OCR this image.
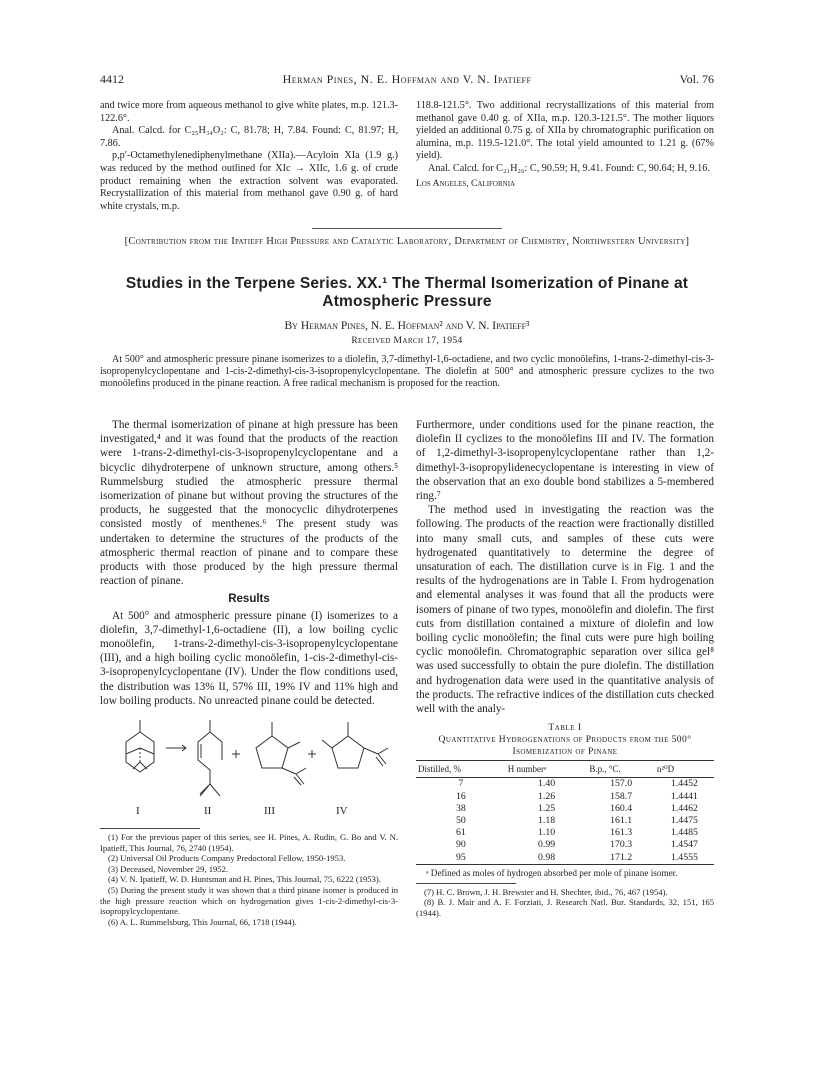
4412	Herman Pines, N. E. Hoffman and V. N. Ipatieff	Vol. 76

and twice more from aqueous methanol to give white plates, m.p. 121.3-122.6°.

Anal. Calcd. for C₂₅H₃₄O₂: C, 81.78; H, 7.84. Found: C, 81.97; H, 7.86.

p,p′-Octamethylenediphenylmethane (XIIa).—Acyloin XIa (1.9 g.) was reduced by the method outlined for XIc → XIIc, 1.6 g. of crude product remaining when the extraction solvent was evaporated. Recrystallization of this material from methanol gave 0.90 g. of hard white crystals, m.p.

118.8-121.5°. Two additional recrystallizations of this material from methanol gave 0.40 g. of XIIa, m.p. 120.3-121.5°. The mother liquors yielded an additional 0.75 g. of XIIa by chromatographic purification on alumina, m.p. 119.5-121.0°. The total yield amounted to 1.21 g. (67% yield).

Anal. Calcd. for C₂₁H₂₆: C, 90.59; H, 9.41. Found: C, 90.64; H, 9.16.

Los Angeles, California

[Contribution from the Ipatieff High Pressure and Catalytic Laboratory, Department of Chemistry, Northwestern University]
Studies in the Terpene Series. XX.¹ The Thermal Isomerization of Pinane at Atmospheric Pressure
By Herman Pines, N. E. Hoffman² and V. N. Ipatieff³
Received March 17, 1954
At 500° and atmospheric pressure pinane isomerizes to a diolefin, 3,7-dimethyl-1,6-octadiene, and two cyclic monoölefins, 1-trans-2-dimethyl-cis-3-isopropenylcyclopentane and 1-cis-2-dimethyl-cis-3-isopropenylcyclopentane. The diolefin at 500° and atmospheric pressure cyclizes to the two monoölefins produced in the pinane reaction. A free radical mechanism is proposed for the reaction.

The thermal isomerization of pinane at high pressure has been investigated,⁴ and it was found that the products of the reaction were 1-trans-2-dimethyl-cis-3-isopropenylcyclopentane and a bicyclic dihydroterpene of unknown structure, among others.⁵ Rummelsburg studied the atmospheric pressure thermal isomerization of pinane but without proving the structures of the products, he suggested that the monocyclic dihydroterpenes consisted mostly of menthenes.⁶ The present study was undertaken to determine the structures of the products of the atmospheric thermal reaction of pinane and to compare these products with those produced by the high pressure thermal reaction of pinane.

Results

At 500° and atmospheric pressure pinane (I) isomerizes to a diolefin, 3,7-dimethyl-1,6-octadiene (II), a low boiling cyclic monoölefin, 1-trans-2-dimethyl-cis-3-isopropenylcyclopentane (III), and a high boiling cyclic monoölefin, 1-cis-2-dimethyl-cis-3-isopropenylcyclopentane (IV). Under the flow conditions used, the distribution was 13% II, 57% III, 19% IV and 11% high and low boiling products. No unreacted pinane could be detected.

I	II	III	IV

(1) For the previous paper of this series, see H. Pines, A. Rudin, G. Bo and V. N. Ipatieff, This Journal, 76, 2740 (1954).

(2) Universal Oil Products Company Predoctoral Fellow, 1950-1953.

(3) Deceased, November 29, 1952.

(4) V. N. Ipatieff, W. D. Huntsman and H. Pines, This Journal, 75, 6222 (1953).

(5) During the present study it was shown that a third pinane isomer is produced in the high pressure reaction which on hydrogenation gives 1-cis-2-dimethyl-cis-3-isopropylcyclopentane.

(6) A. L. Rummelsburg, This Journal, 66, 1718 (1944).

Furthermore, under conditions used for the pinane reaction, the diolefin II cyclizes to the monoölefins III and IV. The formation of 1,2-dimethyl-3-isopropenylcyclopentane rather than 1,2-dimethyl-3-isopropylidenecyclopentane is interesting in view of the observation that an exo double bond stabilizes a 5-membered ring.⁷

The method used in investigating the reaction was the following. The products of the reaction were fractionally distilled into many small cuts, and samples of these cuts were hydrogenated quantitatively to determine the degree of unsaturation of each. The distillation curve is in Fig. 1 and the results of the hydrogenations are in Table I. From hydrogenation and elemental analyses it was found that all the products were isomers of pinane of two types, monoölefin and diolefin. The first cuts from distillation contained a mixture of diolefin and low boiling cyclic monoölefin; the final cuts were pure high boiling cyclic monoölefin. Chromatographic separation over silica gel⁸ was used successfully to obtain the pure diolefin. The distillation and hydrogenation data were used in the quantitative analysis of the products. The refractive indices of the distillation cuts checked well with the analy-

Table I
Quantitative Hydrogenations of Products from the 500° Isomerization of Pinane
Distilled, %	H numberᵃ	B.p., °C.	n²⁰D
7	1.40	157.0	1.4452
16	1.26	158.7	1.4441
38	1.25	160.4	1.4462
50	1.18	161.1	1.4475
61	1.10	161.3	1.4485
90	0.99	170.3	1.4547
95	0.98	171.2	1.4555

ᵃ Defined as moles of hydrogen absorbed per mole of pinane isomer.

(7) H. C. Brown, J. H. Brewster and H. Shechter, ibid., 76, 467 (1954).

(8) B. J. Mair and A. F. Forziati, J. Research Natl. Bur. Standards, 32, 151, 165 (1944).
